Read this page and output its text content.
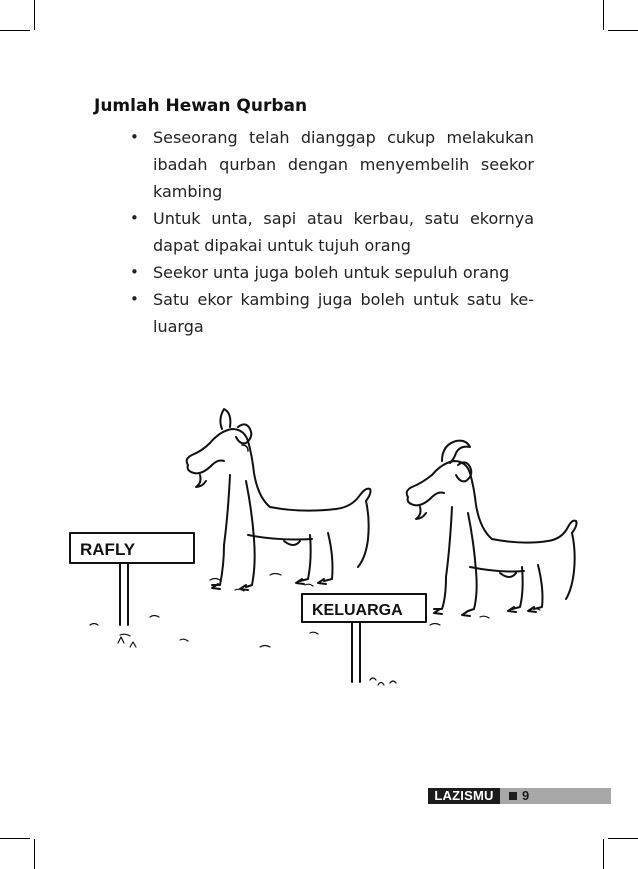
Jumlah Hewan Qurban
• Seseorang telah dianggap cukup melakukan ibadah qurban dengan menyembelih seekor kambing
• Untuk unta, sapi atau kerbau, satu ekornya dapat dipakai untuk tujuh orang
• Seekor unta juga boleh untuk sepuluh orang
• Satu ekor kambing juga boleh untuk satu ke-luarga
RAFLY
KELUARGA
LAZISMU	9
